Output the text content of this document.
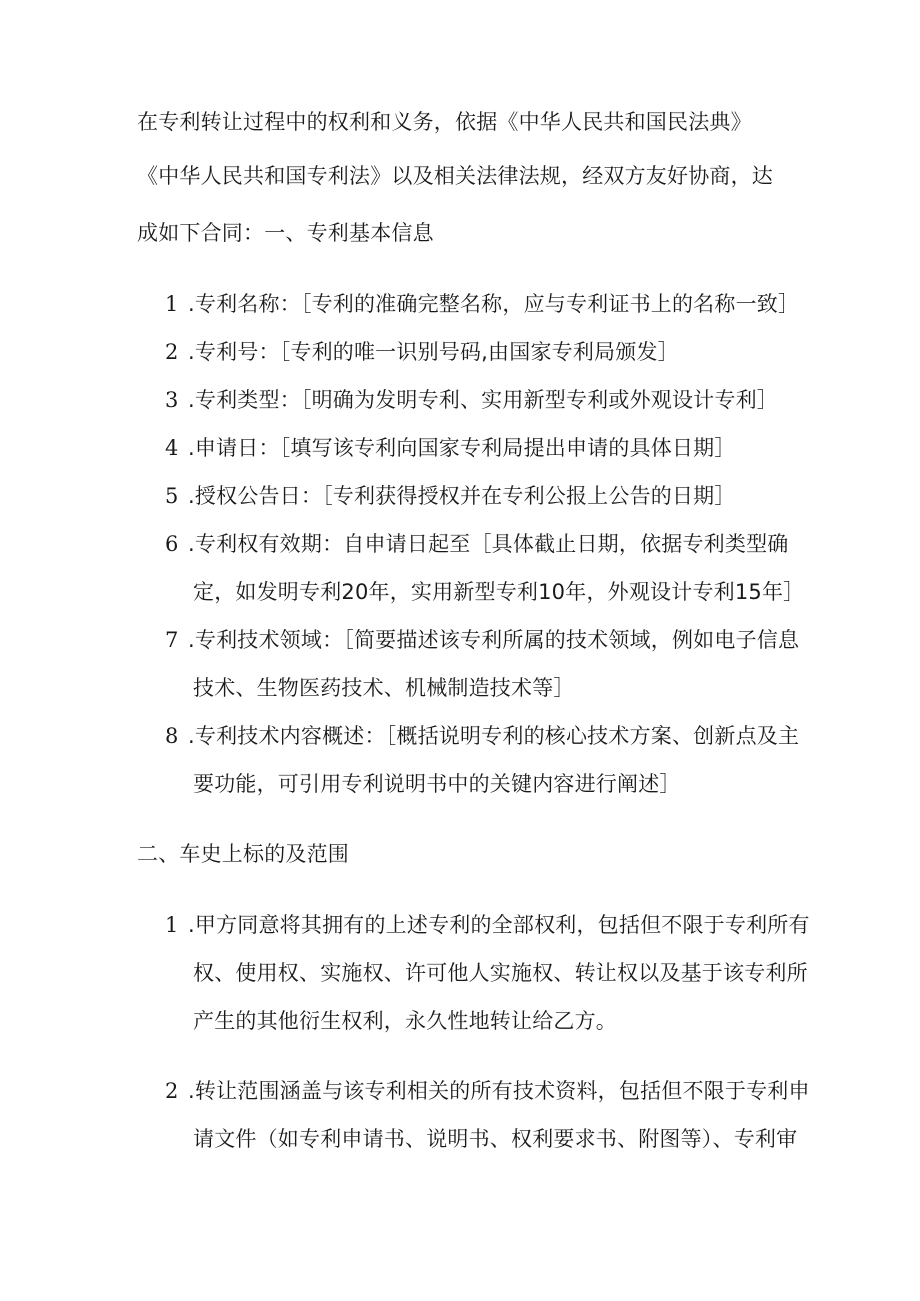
在专利转让过程中的权利和义务，依据《中华人民共和国民法典》
《中华人民共和国专利法》以及相关法律法规，经双方友好协商，达
成如下合同：一、专利基本信息
1 .专利名称：［专利的准确完整名称，应与专利证书上的名称一致］
2 .专利号：［专利的唯一识别号码,由国家专利局颁发］
3 .专利类型：［明确为发明专利、实用新型专利或外观设计专利］
4 .申请日：［填写该专利向国家专利局提出申请的具体日期］
5 .授权公告日：［专利获得授权并在专利公报上公告的日期］
6 .专利权有效期：自申请日起至［具体截止日期，依据专利类型确
定，如发明专利20年，实用新型专利10年，外观设计专利15年］
7 .专利技术领域：［简要描述该专利所属的技术领域，例如电子信息
技术、生物医药技术、机械制造技术等］
8 .专利技术内容概述：［概括说明专利的核心技术方案、创新点及主
要功能，可引用专利说明书中的关键内容进行阐述］
二、车史上标的及范围
1 .甲方同意将其拥有的上述专利的全部权利，包括但不限于专利所有
权、使用权、实施权、许可他人实施权、转让权以及基于该专利所
产生的其他衍生权利，永久性地转让给乙方。
2 .转让范围涵盖与该专利相关的所有技术资料，包括但不限于专利申
请文件（如专利申请书、说明书、权利要求书、附图等）、专利审
